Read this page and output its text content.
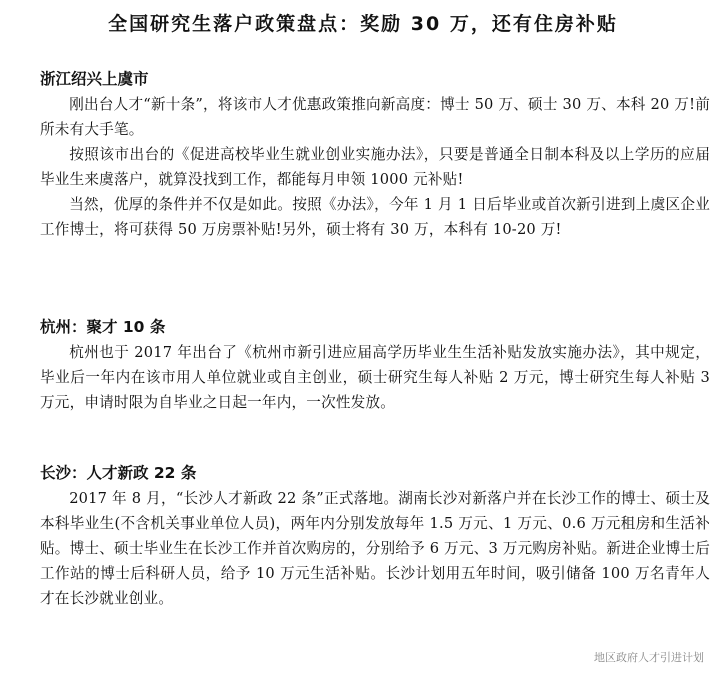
全国研究生落户政策盘点：奖励 30 万，还有住房补贴
浙江绍兴上虞市

刚出台人才“新十条”，将该市人才优惠政策推向新高度：博士 50 万、硕士 30 万、本科 20 万!前所未有大手笔。

按照该市出台的《促进高校毕业生就业创业实施办法》，只要是普通全日制本科及以上学历的应届毕业生来虞落户，就算没找到工作，都能每月申领 1000 元补贴!

当然，优厚的条件并不仅是如此。按照《办法》，今年 1 月 1 日后毕业或首次新引进到上虞区企业工作博士，将可获得 50 万房票补贴!另外，硕士将有 30 万，本科有 10-20 万!

杭州：聚才 10 条

杭州也于 2017 年出台了《杭州市新引进应届高学历毕业生生活补贴发放实施办法》，其中规定，毕业后一年内在该市用人单位就业或自主创业，硕士研究生每人补贴 2 万元，博士研究生每人补贴 3 万元，申请时限为自毕业之日起一年内，一次性发放。

长沙：人才新政 22 条

2017 年 8 月，“长沙人才新政 22 条”正式落地。湖南长沙对新落户并在长沙工作的博士、硕士及本科毕业生(不含机关事业单位人员)，两年内分别发放每年 1.5 万元、1 万元、0.6 万元租房和生活补贴。博士、硕士毕业生在长沙工作并首次购房的，分别给予 6 万元、3 万元购房补贴。新进企业博士后工作站的博士后科研人员，给予 10 万元生活补贴。长沙计划用五年时间，吸引储备 100 万名青年人才在长沙就业创业。

地区政府人才引进计划
